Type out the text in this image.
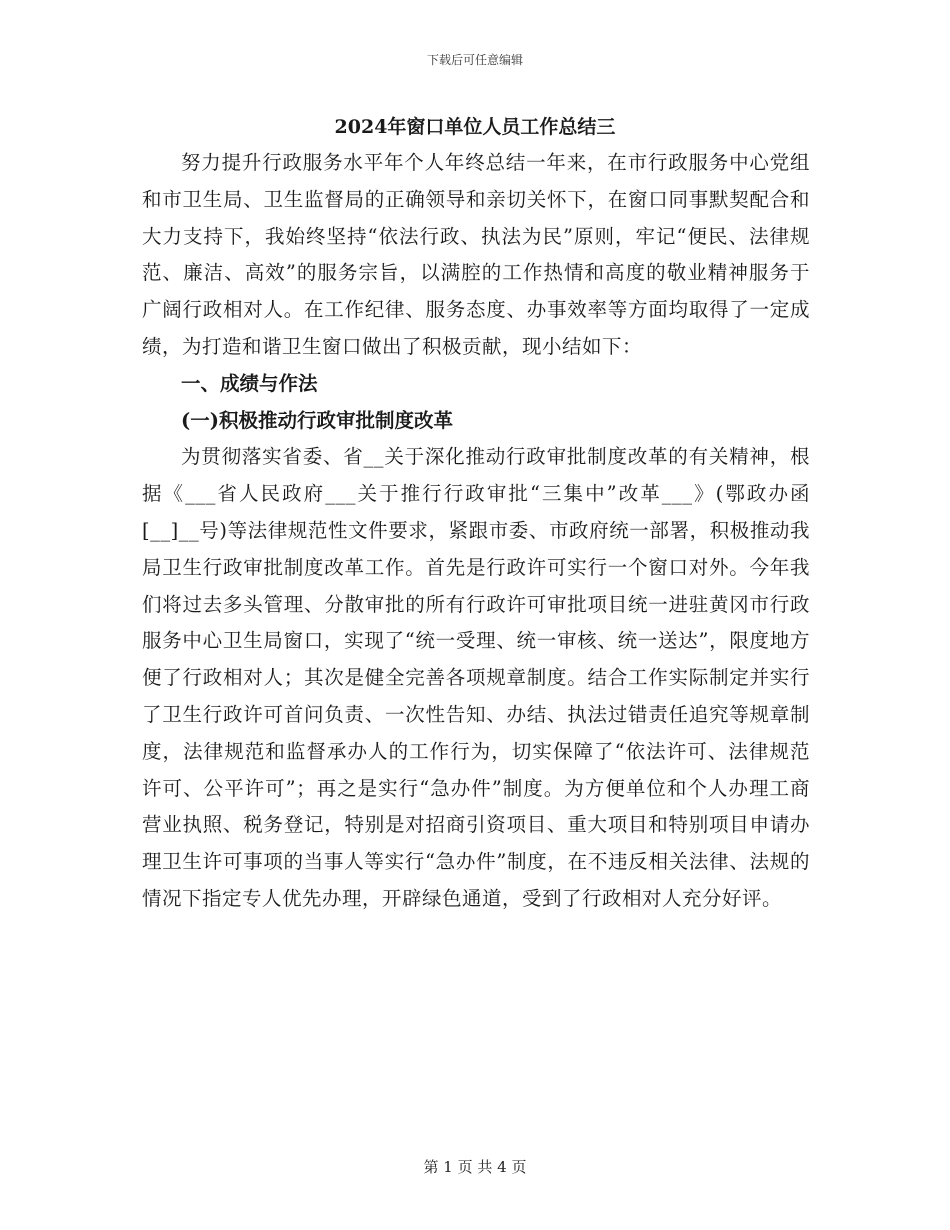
下载后可任意编辑
2024年窗口单位人员工作总结三

努力提升行政服务水平年个人年终总结一年来，在市行政服务中心党组和市卫生局、卫生监督局的正确领导和亲切关怀下，在窗口同事默契配合和大力支持下，我始终坚持“依法行政、执法为民”原则，牢记“便民、法律规范、廉洁、高效”的服务宗旨，以满腔的工作热情和高度的敬业精神服务于广阔行政相对人。在工作纪律、服务态度、办事效率等方面均取得了一定成绩，为打造和谐卫生窗口做出了积极贡献，现小结如下：

一、成绩与作法

(一)积极推动行政审批制度改革

为贯彻落实省委、省__关于深化推动行政审批制度改革的有关精神，根据《___省人民政府___关于推行行政审批“三集中”改革___》(鄂政办函[__]__号)等法律规范性文件要求，紧跟市委、市政府统一部署，积极推动我局卫生行政审批制度改革工作。首先是行政许可实行一个窗口对外。今年我们将过去多头管理、分散审批的所有行政许可审批项目统一进驻黄冈市行政服务中心卫生局窗口，实现了“统一受理、统一审核、统一送达”，限度地方便了行政相对人；其次是健全完善各项规章制度。结合工作实际制定并实行了卫生行政许可首问负责、一次性告知、办结、执法过错责任追究等规章制度，法律规范和监督承办人的工作行为，切实保障了“依法许可、法律规范许可、公平许可”；再之是实行“急办件”制度。为方便单位和个人办理工商营业执照、税务登记，特别是对招商引资项目、重大项目和特别项目申请办理卫生许可事项的当事人等实行“急办件”制度，在不违反相关法律、法规的情况下指定专人优先办理，开辟绿色通道，受到了行政相对人充分好评。

第 1 页 共 4 页
